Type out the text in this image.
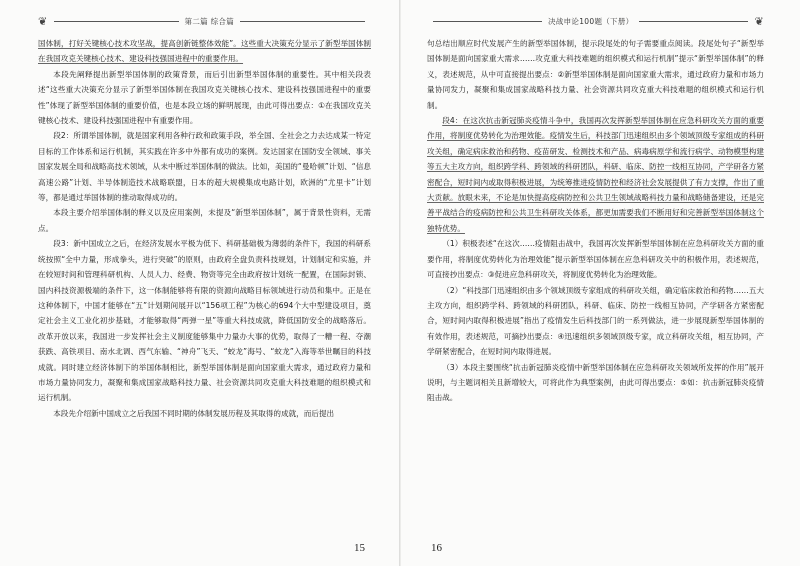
❦	第二篇 综合篇

国体制，打好关键核心技术攻坚战，提高创新链整体效能”。这些重大决策充分显示了新型举国体制在我国攻克关键核心技术、建设科技强国进程中的重要作用。

本段先阐释提出新型举国体制的政策背景，而后引出新型举国体制的重要性。其中相关段表述“这些重大决策充分显示了新型举国体制在我国攻克关键核心技术、建设科技强国进程中的重要性”体现了新型举国体制的重要价值，也是本段立场的鲜明展现，由此可得出要点：①在我国攻克关键核心技术、建设科技强国进程中有重要作用。

段2：所谓举国体制，就是国家利用各种行政和政策手段，举全国、全社会之力去达成某一特定目标的工作体系和运行机制，其实践在许多中外都有成功的案例。发达国家在国防安全领域、事关国家发展全局和战略高技术领域，从未中断过举国体制的做法。比如，美国的“曼哈顿”计划、“信息高速公路”计划、半导体制造技术战略联盟，日本的超大规模集成电路计划，欧洲的“尤里卡”计划等，都是通过举国体制的推动取得成功的。

本段主要介绍举国体制的释义以及应用案例，未提及“新型举国体制”，属于背景性资料，无需点。

段3：新中国成立之后，在经济发展水平极为低下、科研基础极为薄弱的条件下，我国的科研系统按照“全中力量，形成拳头，进行突破”的原则，由政府全盘负责科技规划，计划制定和实施，并在较短时间和管理科研机构、人员人力、经费、物资等完全由政府按计划统一配置，在国际封锁、国内科技资源极端的条件下，这一体制能够将有限的资源向战略目标领域进行动员和集中。正是在这种体制下，中国才能够在“五”计划期间展开以“156项工程”为核心的694个大中型建设项目，奠定社会主义工业化初步基础，才能够取得“两弹一星”等重大科技成就，降低国防安全的战略落后。改革开放以来，我国进一步发挥社会主义制度能够集中力量办大事的优势，取得了一糟一程、夺潮获跌、高铁项目、南水北调、西气东输、“神舟”飞天、“蛟龙”海号、“蚊龙”入海等举世瞩目的科技成就。同时建立经济体制下的举国体制相比，新型举国体制是面向国家重大需求，通过政府力量和市场力量协同发力，凝聚和集成国家战略科技力量、社会资源共同攻克重大科技难题的组织模式和运行机制。

本段先介绍新中国成立之后我国不同时期的体制发展历程及其取得的成就，而后提出

15
决战申论100题（下册）	❦

句总结出顺应时代发展产生的新型举国体制，提示段尾处的句子需要重点阅读。段尾处句子“新型举国体制是面向国家重大需求……攻克重大科技难题的组织模式和运行机制”提示“新型举国体制”的释义，表述规范，从中可直接提出要点：②新型举国体制是面向国家重大需求，通过政府力量和市场力量协同发力，凝聚和集成国家战略科技力量、社会资源共同攻克重大科技难题的组织模式和运行机制。

段4：在这次抗击新冠肺炎疫情斗争中，我国再次发挥新型举国体制在应急科研攻关方面的重要作用，将制度优势转化为治理效能。疫情发生后，科技部门迅速组织由多个领域顶级专家组成的科研攻关组，确定病床救治和药物、疫苗研发、检测技术和产品、病毒病原学和流行病学、动物模型构建等五大主攻方向，组织跨学科、跨领域的科研团队，科研、临床、防控一线相互协同，产学研各方紧密配合，短时间内或取得积极进展，为统筹推进疫情防控和经济社会发展提供了有力支撑，作出了重大贡献。放眼未来，不论是加快提高疫病防控和公共卫生领域战略科技力量和战略储备建设，还是完善平战结合的疫病防控和公共卫生科研攻关体系，都更加需要我们不断用好和完善新型举国体制这个独特优势。

（1）积极表述“在这次……疫情阻击战中，我国再次发挥新型举国体制在应急科研攻关方面的重要作用，将制度优势转化为治理效能”提示新型举国体制在应急科研攻关中的积极作用，表述规范，可直接抄出要点：③促进应急科研攻关，将制度优势转化为治理效能。

（2）“科技部门迅速组织由多个领域顶级专家组成的科研攻关组，确定临床救治和药物……五大主攻方向，组织跨学科、跨领域的科研团队，科研、临床、防控一线相互协同，产学研各方紧密配合，短时间内取得积极进展”指出了疫情发生后科技部门的一系列做法，进一步展现新型举国体制的有效作用，表述规范，可摘抄出要点：④迅速组织多领域顶级专家，成立科研攻关组，相互协同，产学研紧密配合，在短时间内取得进展。

（3）本段主要围绕“抗击新冠肺炎疫情中新型举国体制在应急科研攻关领域所发挥的作用”展开说明，与主题词相关且新增较大，可将此作为典型案例，由此可得出要点：⑤如：抗击新冠肺炎疫情阻击战。

16
